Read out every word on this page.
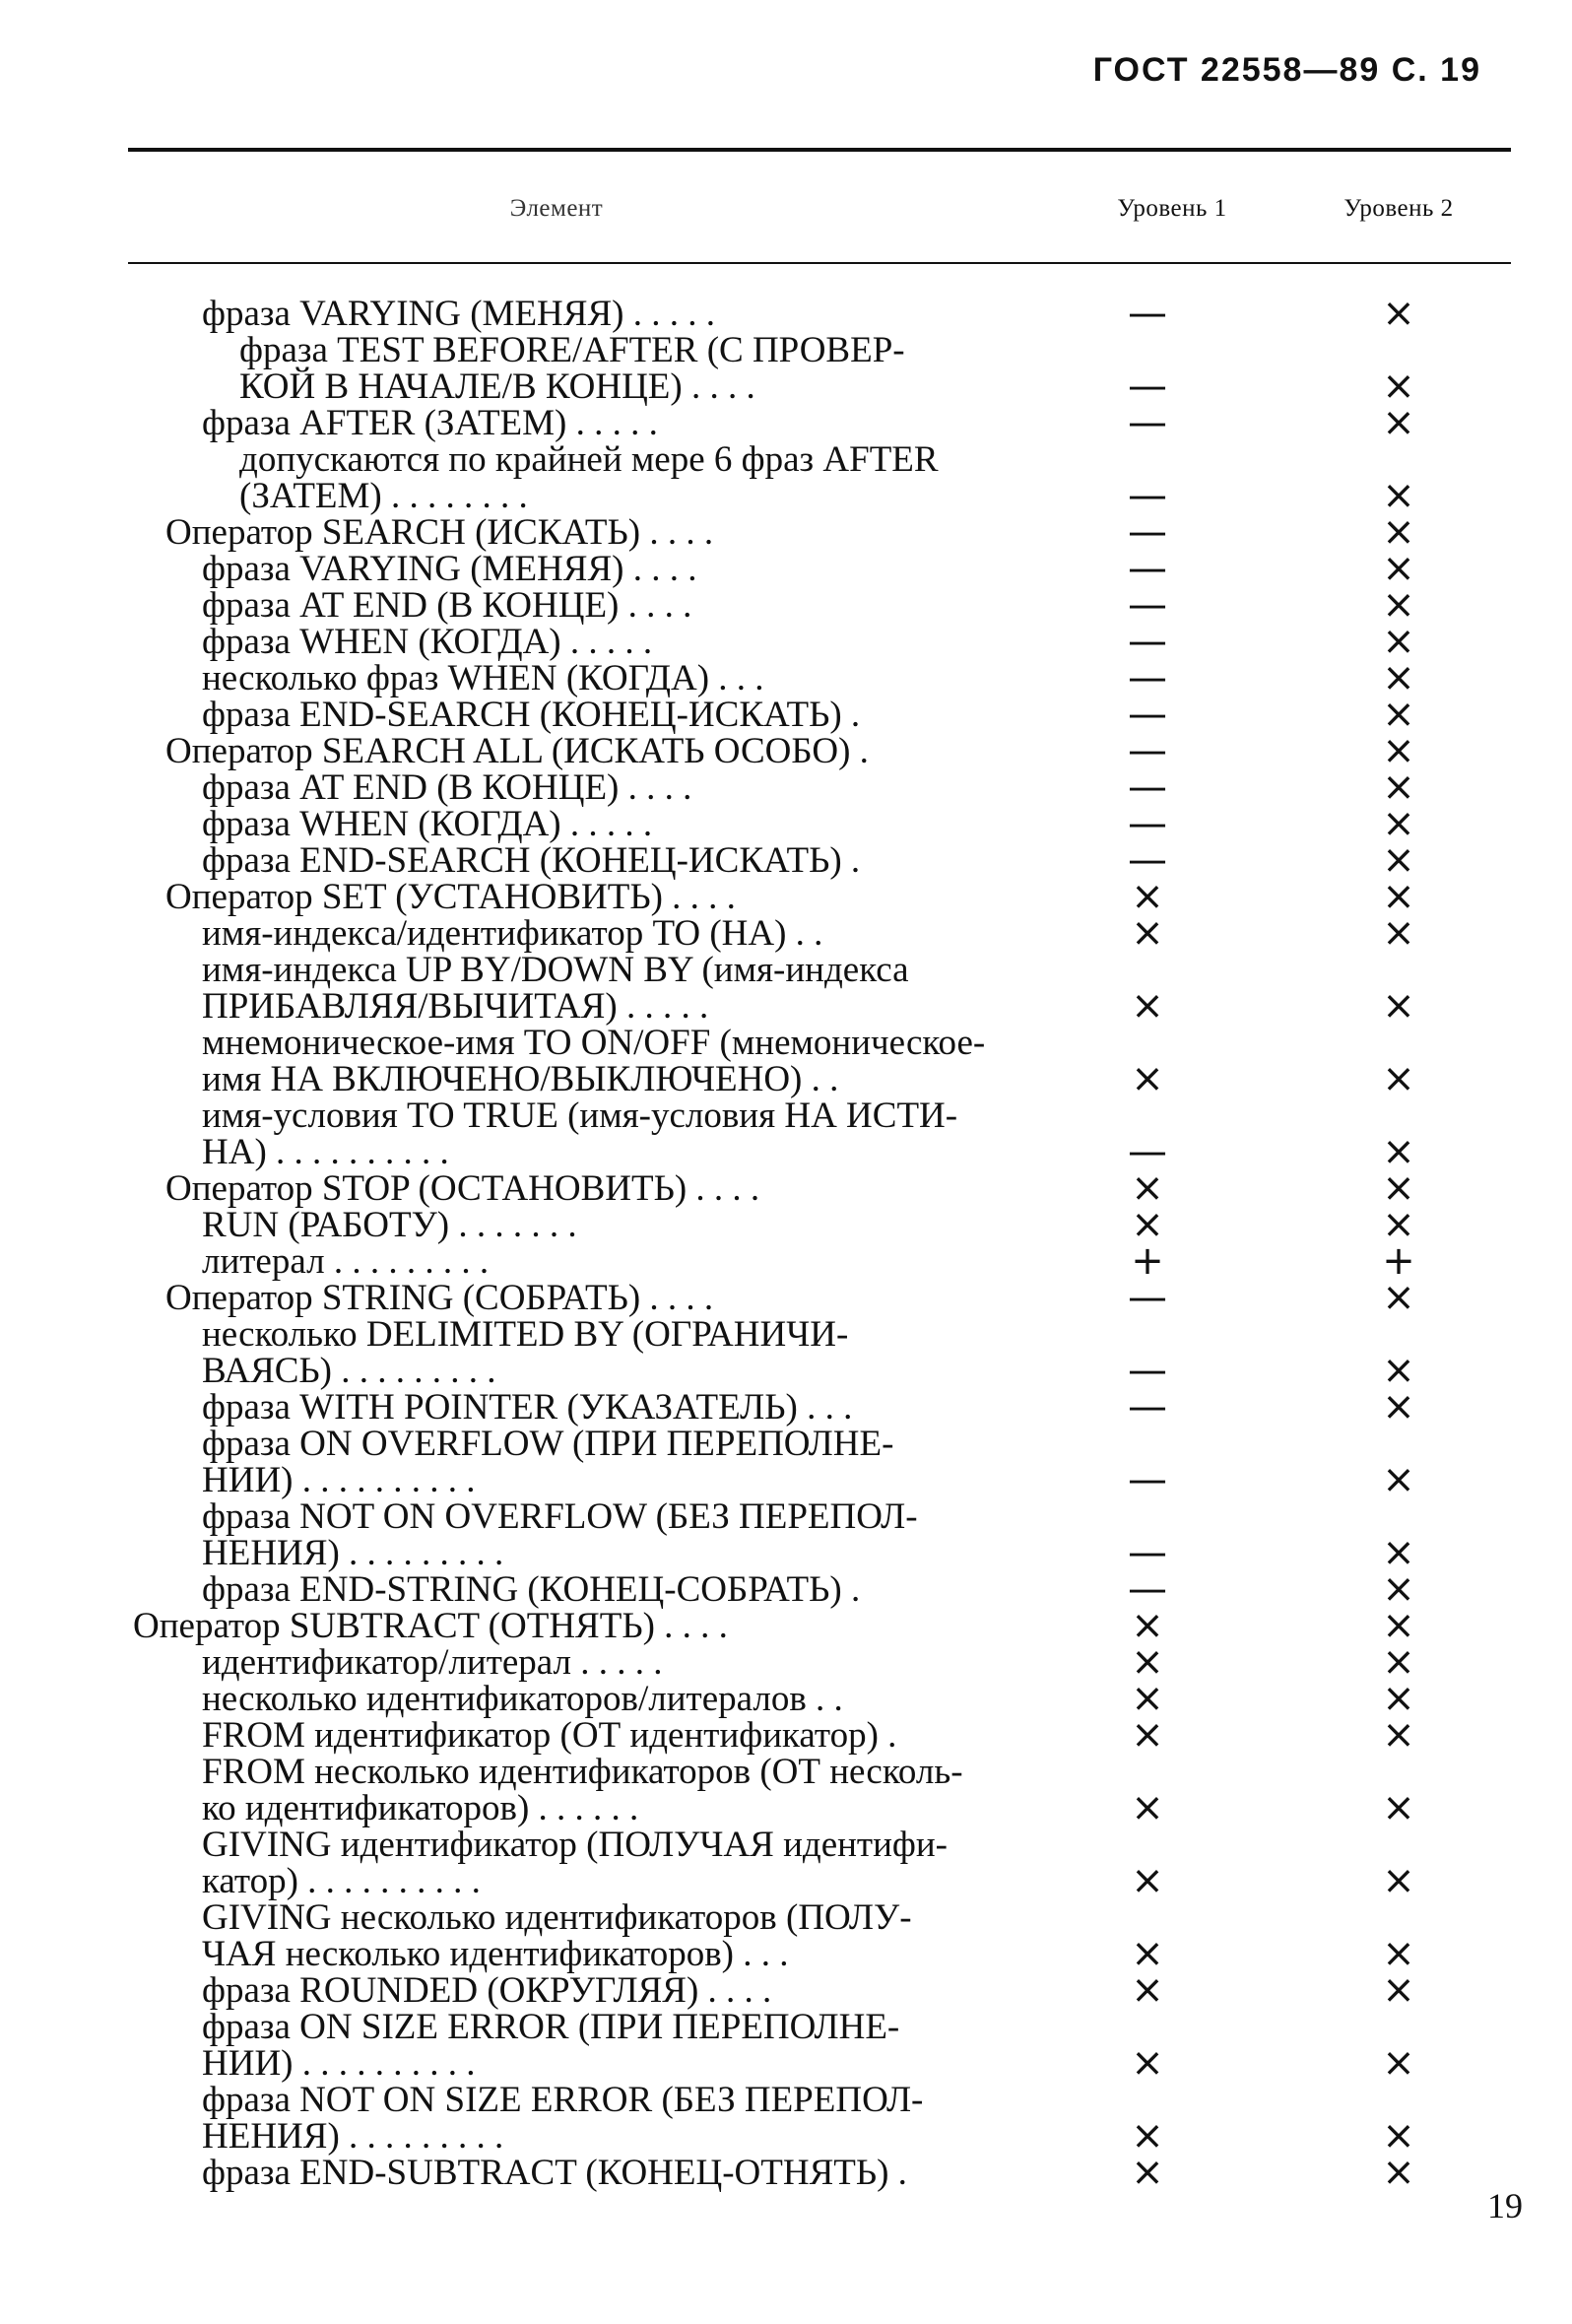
ГОСТ 22558—89 С. 19
Элемент	Уровень 1	Уровень 2
фраза VARYING (МЕНЯЯ) . . . . .	—	×
фраза TEST BEFORE/AFTER (С ПРОВЕР-
КОЙ В НАЧАЛЕ/В КОНЦЕ) . . . .	—	×
фраза AFTER (ЗАТЕМ) . . . . .	—	×
допускаются по крайней мере 6 фраз AFTER
(ЗАТЕМ) . . . . . . . .	—	×
Оператор SEARCH (ИСКАТЬ) . . . .	—	×
фраза VARYING (МЕНЯЯ) . . . .	—	×
фраза AT END (В КОНЦЕ) . . . .	—	×
фраза WHEN (КОГДА) . . . . .	—	×
несколько фраз WHEN (КОГДА) . . .	—	×
фраза END-SEARCH (КОНЕЦ-ИСКАТЬ) .	—	×
Оператор SEARCH ALL (ИСКАТЬ ОСОБО) .	—	×
фраза AT END (В КОНЦЕ) . . . .	—	×
фраза WHEN (КОГДА) . . . . .	—	×
фраза END-SEARCH (КОНЕЦ-ИСКАТЬ) .	—	×
Оператор SET (УСТАНОВИТЬ) . . . .	×	×
имя-индекса/идентификатор TO (НА) . .	×	×
имя-индекса UP BY/DOWN BY (имя-индекса
ПРИБАВЛЯЯ/ВЫЧИТАЯ) . . . . .	×	×
мнемоническое-имя TO ON/OFF (мнемоническое-
имя НА ВКЛЮЧЕНО/ВЫКЛЮЧЕНО) . .	×	×
имя-условия TO TRUE (имя-условия НА ИСТИ-
НА) . . . . . . . . . .	—	×
Оператор STOP (ОСТАНОВИТЬ) . . . .	×	×
RUN (РАБОТУ) . . . . . . .	×	×
литерал . . . . . . . . .	+	+
Оператор STRING (СОБРАТЬ) . . . .	—	×
несколько DELIMITED BY (ОГРАНИЧИ-
ВАЯСЬ) . . . . . . . . .	—	×
фраза WITH POINTER (УКАЗАТЕЛЬ) . . .	—	×
фраза ON OVERFLOW (ПРИ ПЕРЕПОЛНЕ-
НИИ) . . . . . . . . . .	—	×
фраза NOT ON OVERFLOW (БЕЗ ПЕРЕПОЛ-
НЕНИЯ) . . . . . . . . .	—	×
фраза END-STRING (КОНЕЦ-СОБРАТЬ) .	—	×
Оператор SUBTRACT (ОТНЯТЬ) . . . .	×	×
идентификатор/литерал . . . . .	×	×
несколько идентификаторов/литералов . .	×	×
FROM идентификатор (ОТ идентификатор) .	×	×
FROM несколько идентификаторов (ОТ несколь-
ко идентификаторов) . . . . . .	×	×
GIVING идентификатор (ПОЛУЧАЯ идентифи-
катор) . . . . . . . . . .	×	×
GIVING несколько идентификаторов (ПОЛУ-
ЧАЯ несколько идентификаторов) . . .	×	×
фраза ROUNDED (ОКРУГЛЯЯ) . . . .	×	×
фраза ON SIZE ERROR (ПРИ ПЕРЕПОЛНЕ-
НИИ) . . . . . . . . . .	×	×
фраза NOT ON SIZE ERROR (БЕЗ ПЕРЕПОЛ-
НЕНИЯ) . . . . . . . . .	×	×
фраза END-SUBTRACT (КОНЕЦ-ОТНЯТЬ) .	×	×
19
